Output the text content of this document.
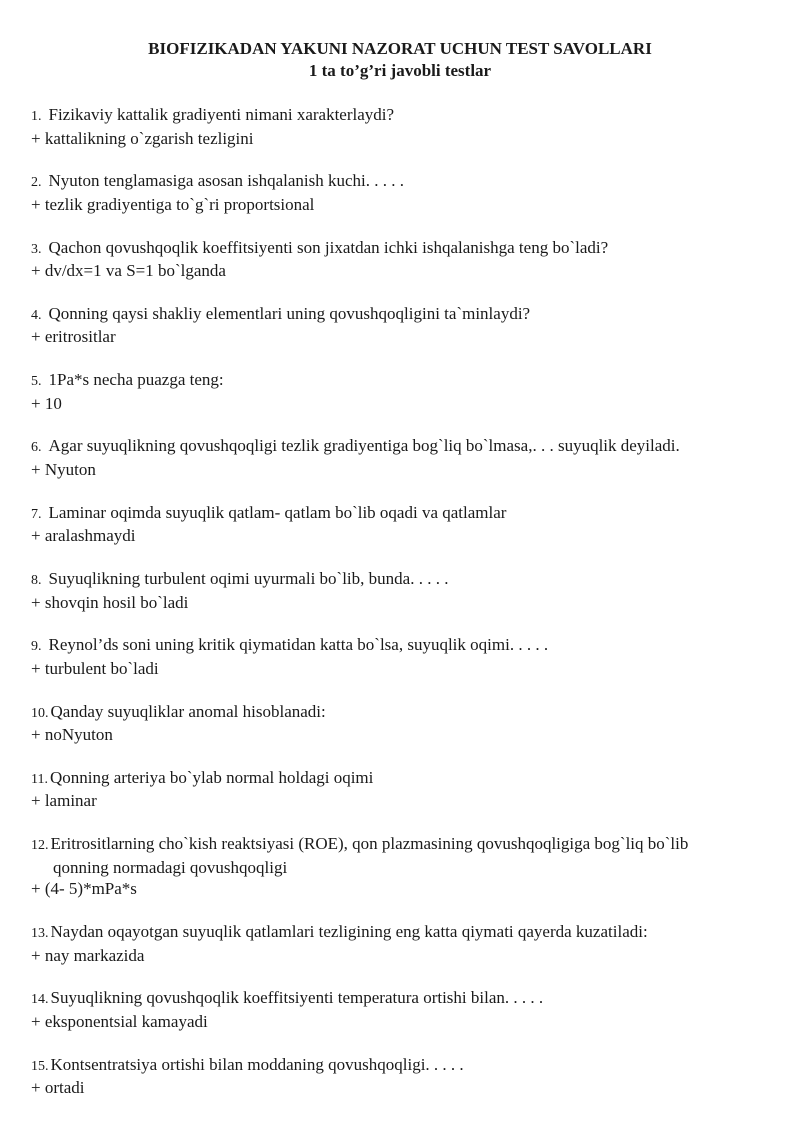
BIOFIZIKADAN YAKUNI NAZORAT UCHUN TEST SAVOLLARI
1 ta to’g’ri javobli testlar
1. Fizikaviy kattalik gradiyenti nimani xarakterlaydi?
+ kattalikning o`zgarish tezligini
2. Nyuton tenglamasiga asosan ishqalanish kuchi. . . . .
+ tezlik gradiyentiga to`g`ri proportsional
3. Qachon qovushqoqlik koeffitsiyenti son jixatdan ichki ishqalanishga teng bo`ladi?
+ dv/dx=1 va S=1 bo`lganda
4. Qonning qaysi shakliy elementlari uning qovushqoqligini ta`minlaydi?
+ eritrositlar
5. 1Pa*s necha puazga teng:
+ 10
6. Agar suyuqlikning qovushqoqligi tezlik gradiyentiga bog`liq bo`lmasa,. . . suyuqlik deyiladi.
+ Nyuton
7. Laminar oqimda suyuqlik qatlam- qatlam bo`lib oqadi va qatlamlar
+ aralashmaydi
8. Suyuqlikning turbulent oqimi uyurmali bo`lib, bunda. . . . .
+ shovqin hosil bo`ladi
9. Reynol’ds soni uning kritik qiymatidan katta bo`lsa, suyuqlik oqimi. . . . .
+ turbulent bo`ladi
10. Qanday suyuqliklar anomal hisoblanadi:
+ noNyuton
11. Qonning arteriya bo`ylab normal holdagi oqimi
+ laminar
12. Eritrositlarning cho`kish reaktsiyasi (ROE), qon plazmasining qovushqoqligiga bog`liq bo`lib
qonning normadagi qovushqoqligi
+ (4- 5)*mPa*s
13. Naydan oqayotgan suyuqlik qatlamlari tezligining eng katta qiymati qayerda kuzatiladi:
+ nay markazida
14. Suyuqlikning qovushqoqlik koeffitsiyenti temperatura ortishi bilan. . . . .
+ eksponentsial kamayadi
15. Kontsentratsiya ortishi bilan moddaning qovushqoqligi. . . . .
+ ortadi
